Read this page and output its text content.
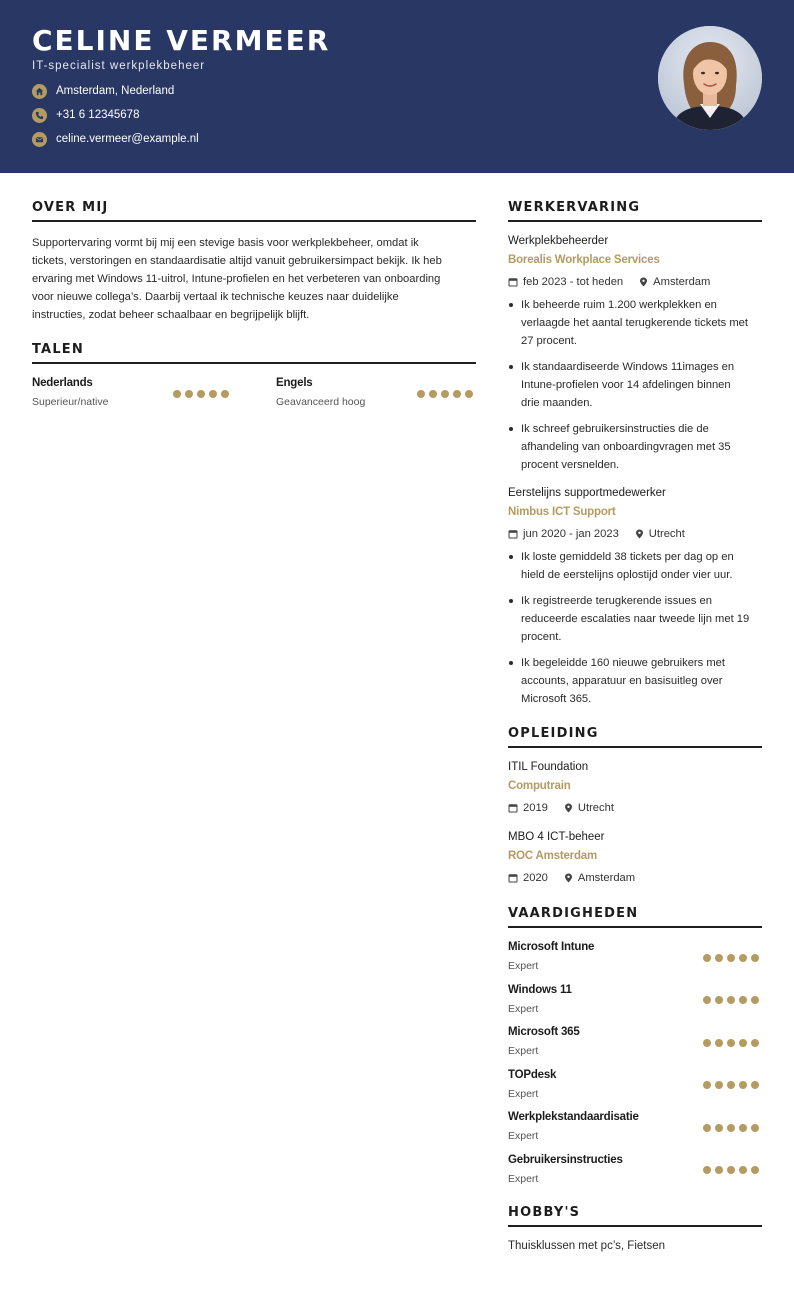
CELINE VERMEER
IT-specialist werkplekbeheer
Amsterdam, Nederland
+31 6 12345678
celine.vermeer@example.nl
OVER MIJ
Supportervaring vormt bij mij een stevige basis voor werkplekbeheer, omdat ik
tickets, verstoringen en standaardisatie altijd vanuit gebruikersimpact bekijk. Ik heb
ervaring met Windows 11-uitrol, Intune-profielen en het verbeteren van onboarding
voor nieuwe collega’s. Daarbij vertaal ik technische keuzes naar duidelijke
instructies, zodat beheer schaalbaar en begrijpelijk blijft.
TALEN
Nederlands
Superieur/native
Engels
Geavanceerd hoog
WERKERVARING
Werkplekbeheerder
Borealis Workplace Services
feb 2023 - tot heden	Amsterdam
Ik beheerde ruim 1.200 werkplekken en
verlaagde het aantal terugkerende tickets met
27 procent.
Ik standaardiseerde Windows 11images en
Intune-profielen voor 14 afdelingen binnen
drie maanden.
Ik schreef gebruikersinstructies die de
afhandeling van onboardingvragen met 35
procent versnelden.
Eerstelijns supportmedewerker
Nimbus ICT Support
jun 2020 - jan 2023	Utrecht
Ik loste gemiddeld 38 tickets per dag op en
hield de eerstelijns oplostijd onder vier uur.
Ik registreerde terugkerende issues en
reduceerde escalaties naar tweede lijn met 19
procent.
Ik begeleidde 160 nieuwe gebruikers met
accounts, apparatuur en basisuitleg over
Microsoft 365.
OPLEIDING
ITIL Foundation
Computrain
2019	Utrecht
MBO 4 ICT-beheer
ROC Amsterdam
2020	Amsterdam
VAARDIGHEDEN
Microsoft Intune
Expert
Windows 11
Expert
Microsoft 365
Expert
TOPdesk
Expert
Werkplekstandaardisatie
Expert
Gebruikersinstructies
Expert
HOBBY'S
Thuisklussen met pc’s, Fietsen
